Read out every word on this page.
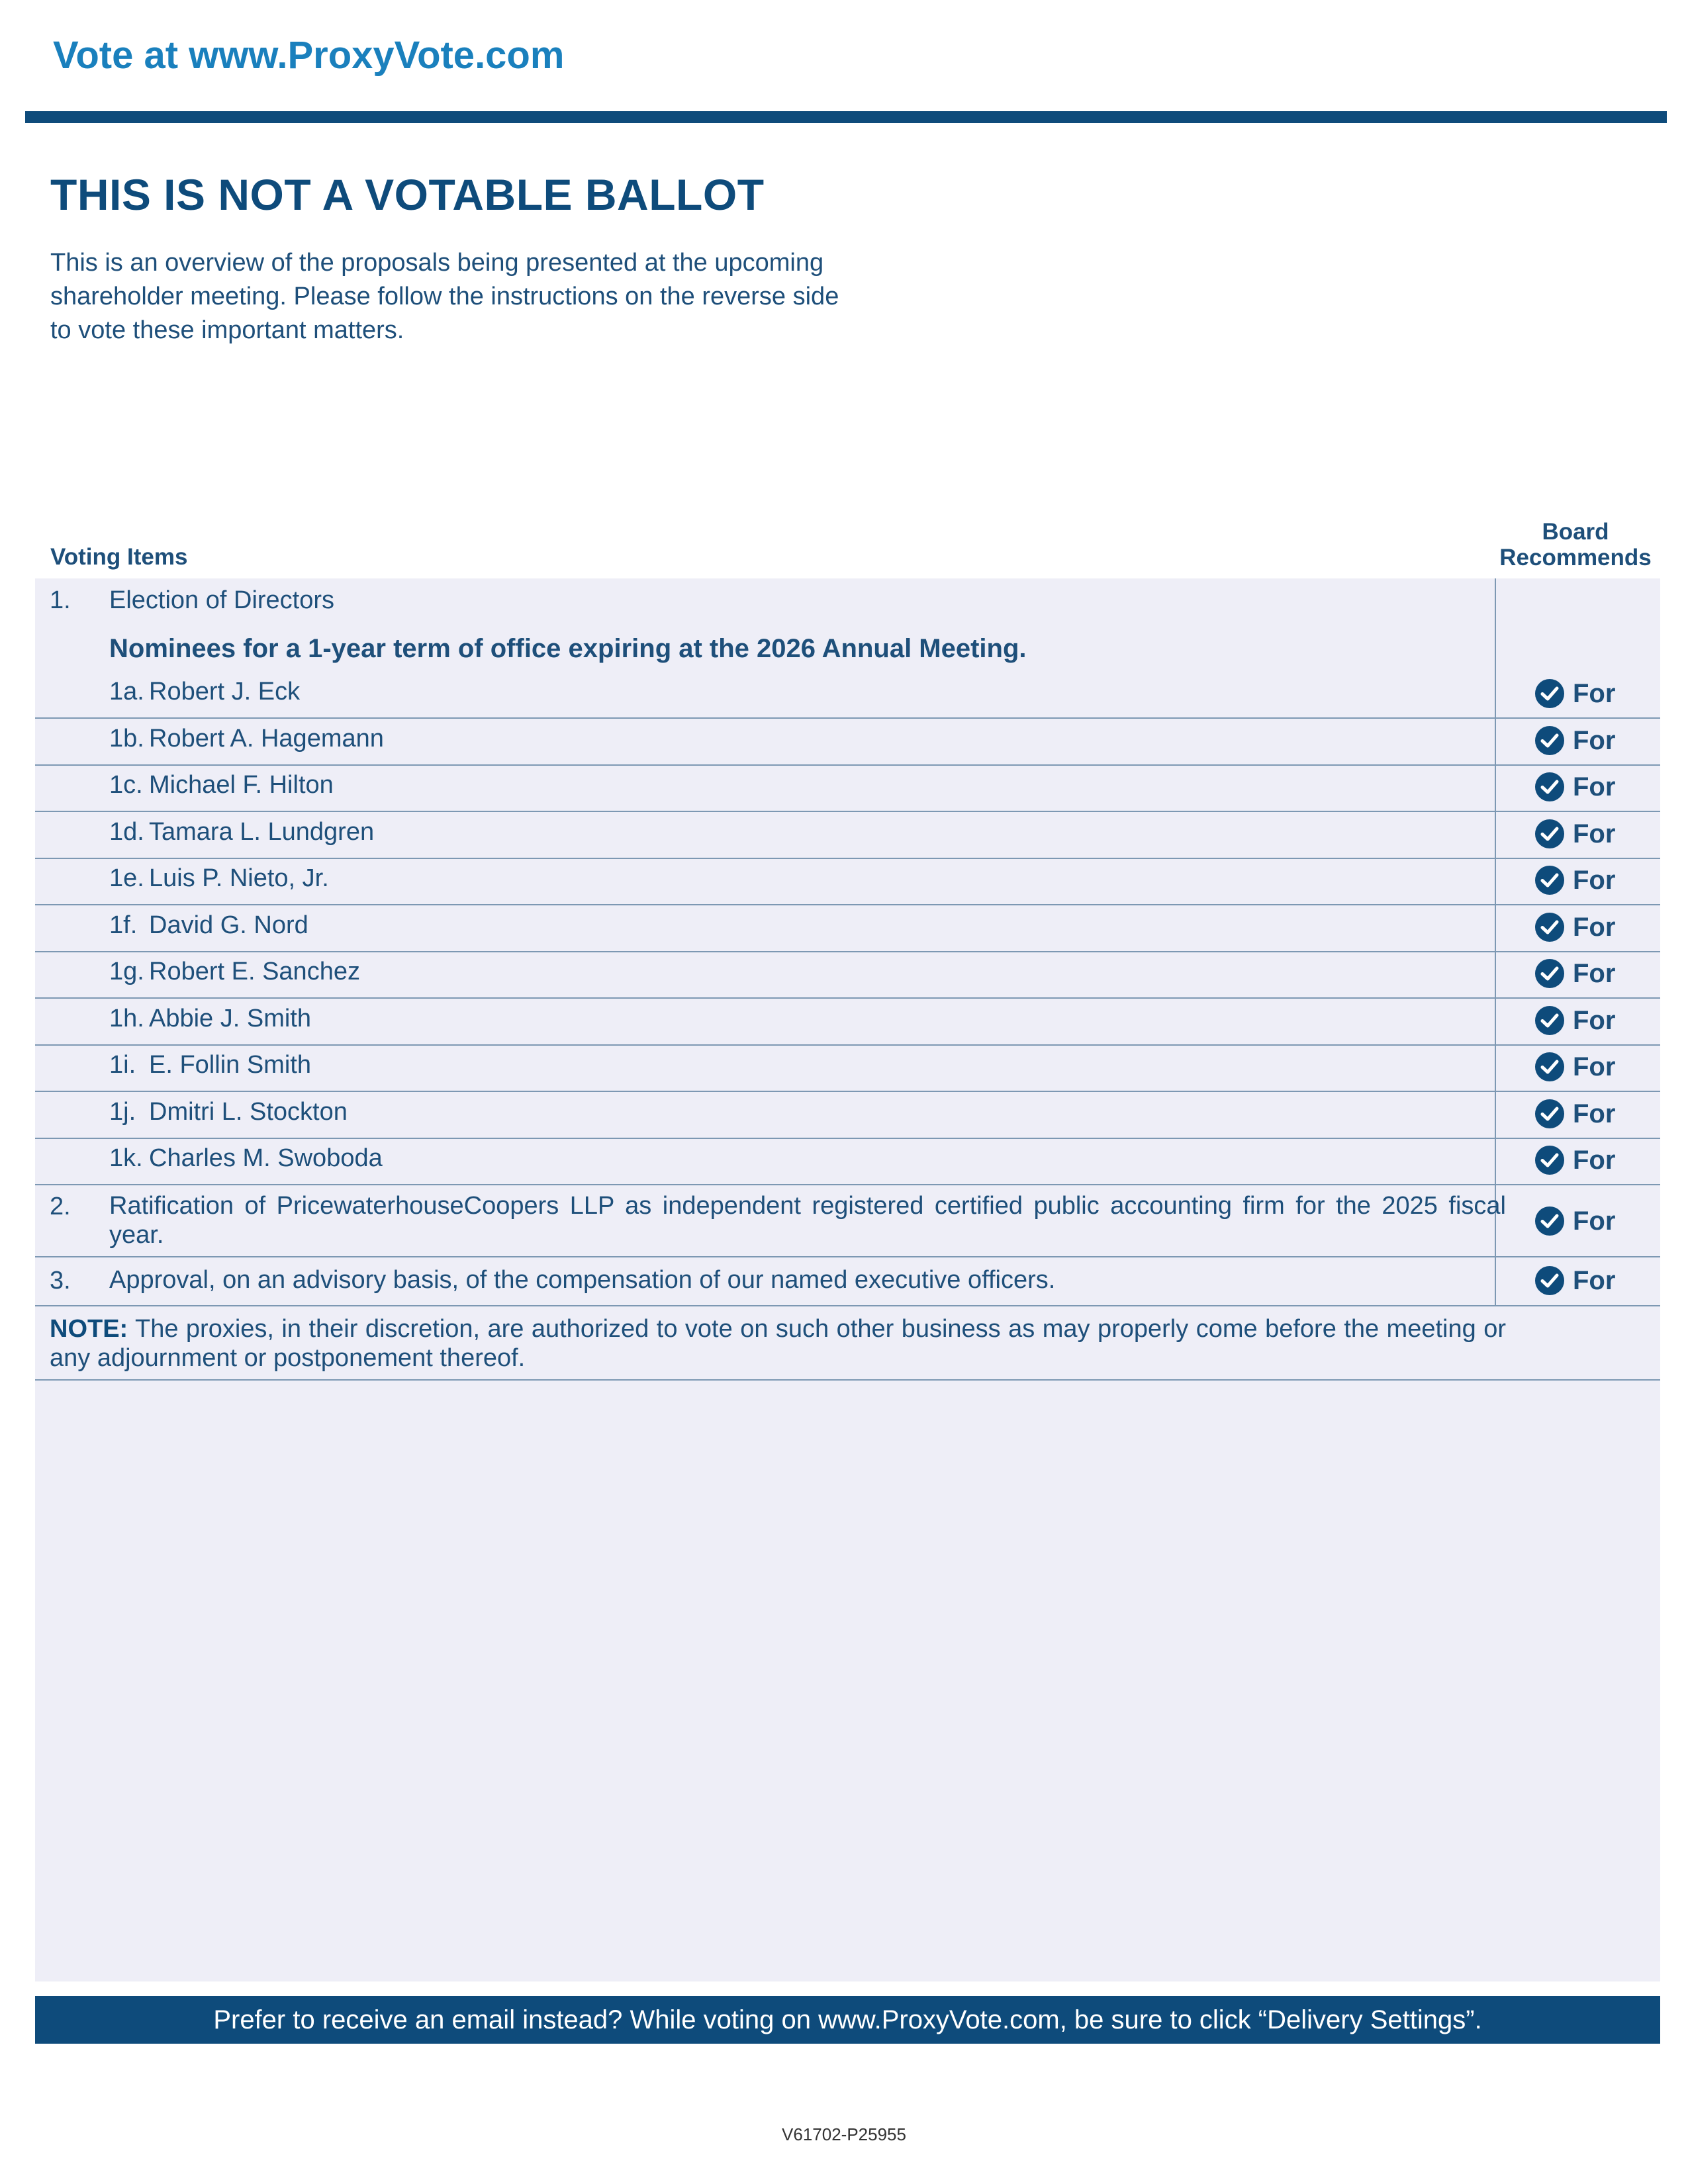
Vote at www.ProxyVote.com
THIS IS NOT A VOTABLE BALLOT
This is an overview of the proposals being presented at the upcoming shareholder meeting. Please follow the instructions on the reverse side to vote these important matters.
Voting Items
Board
Recommends
1. Election of Directors
Nominees for a 1-year term of office expiring at the 2026 Annual Meeting.
1a. Robert J. Eck	For
1b. Robert A. Hagemann	For
1c. Michael F. Hilton	For
1d. Tamara L. Lundgren	For
1e. Luis P. Nieto, Jr.	For
1f. David G. Nord	For
1g. Robert E. Sanchez	For
1h. Abbie J. Smith	For
1i. E. Follin Smith	For
1j. Dmitri L. Stockton	For
1k. Charles M. Swoboda	For
2. Ratification of PricewaterhouseCoopers LLP as independent registered certified public accounting firm for the 2025 fiscal year.	For
3. Approval, on an advisory basis, of the compensation of our named executive officers.	For
NOTE: The proxies, in their discretion, are authorized to vote on such other business as may properly come before the meeting or any adjournment or postponement thereof.
Prefer to receive an email instead? While voting on www.ProxyVote.com, be sure to click “Delivery Settings”.
V61702-P25955
